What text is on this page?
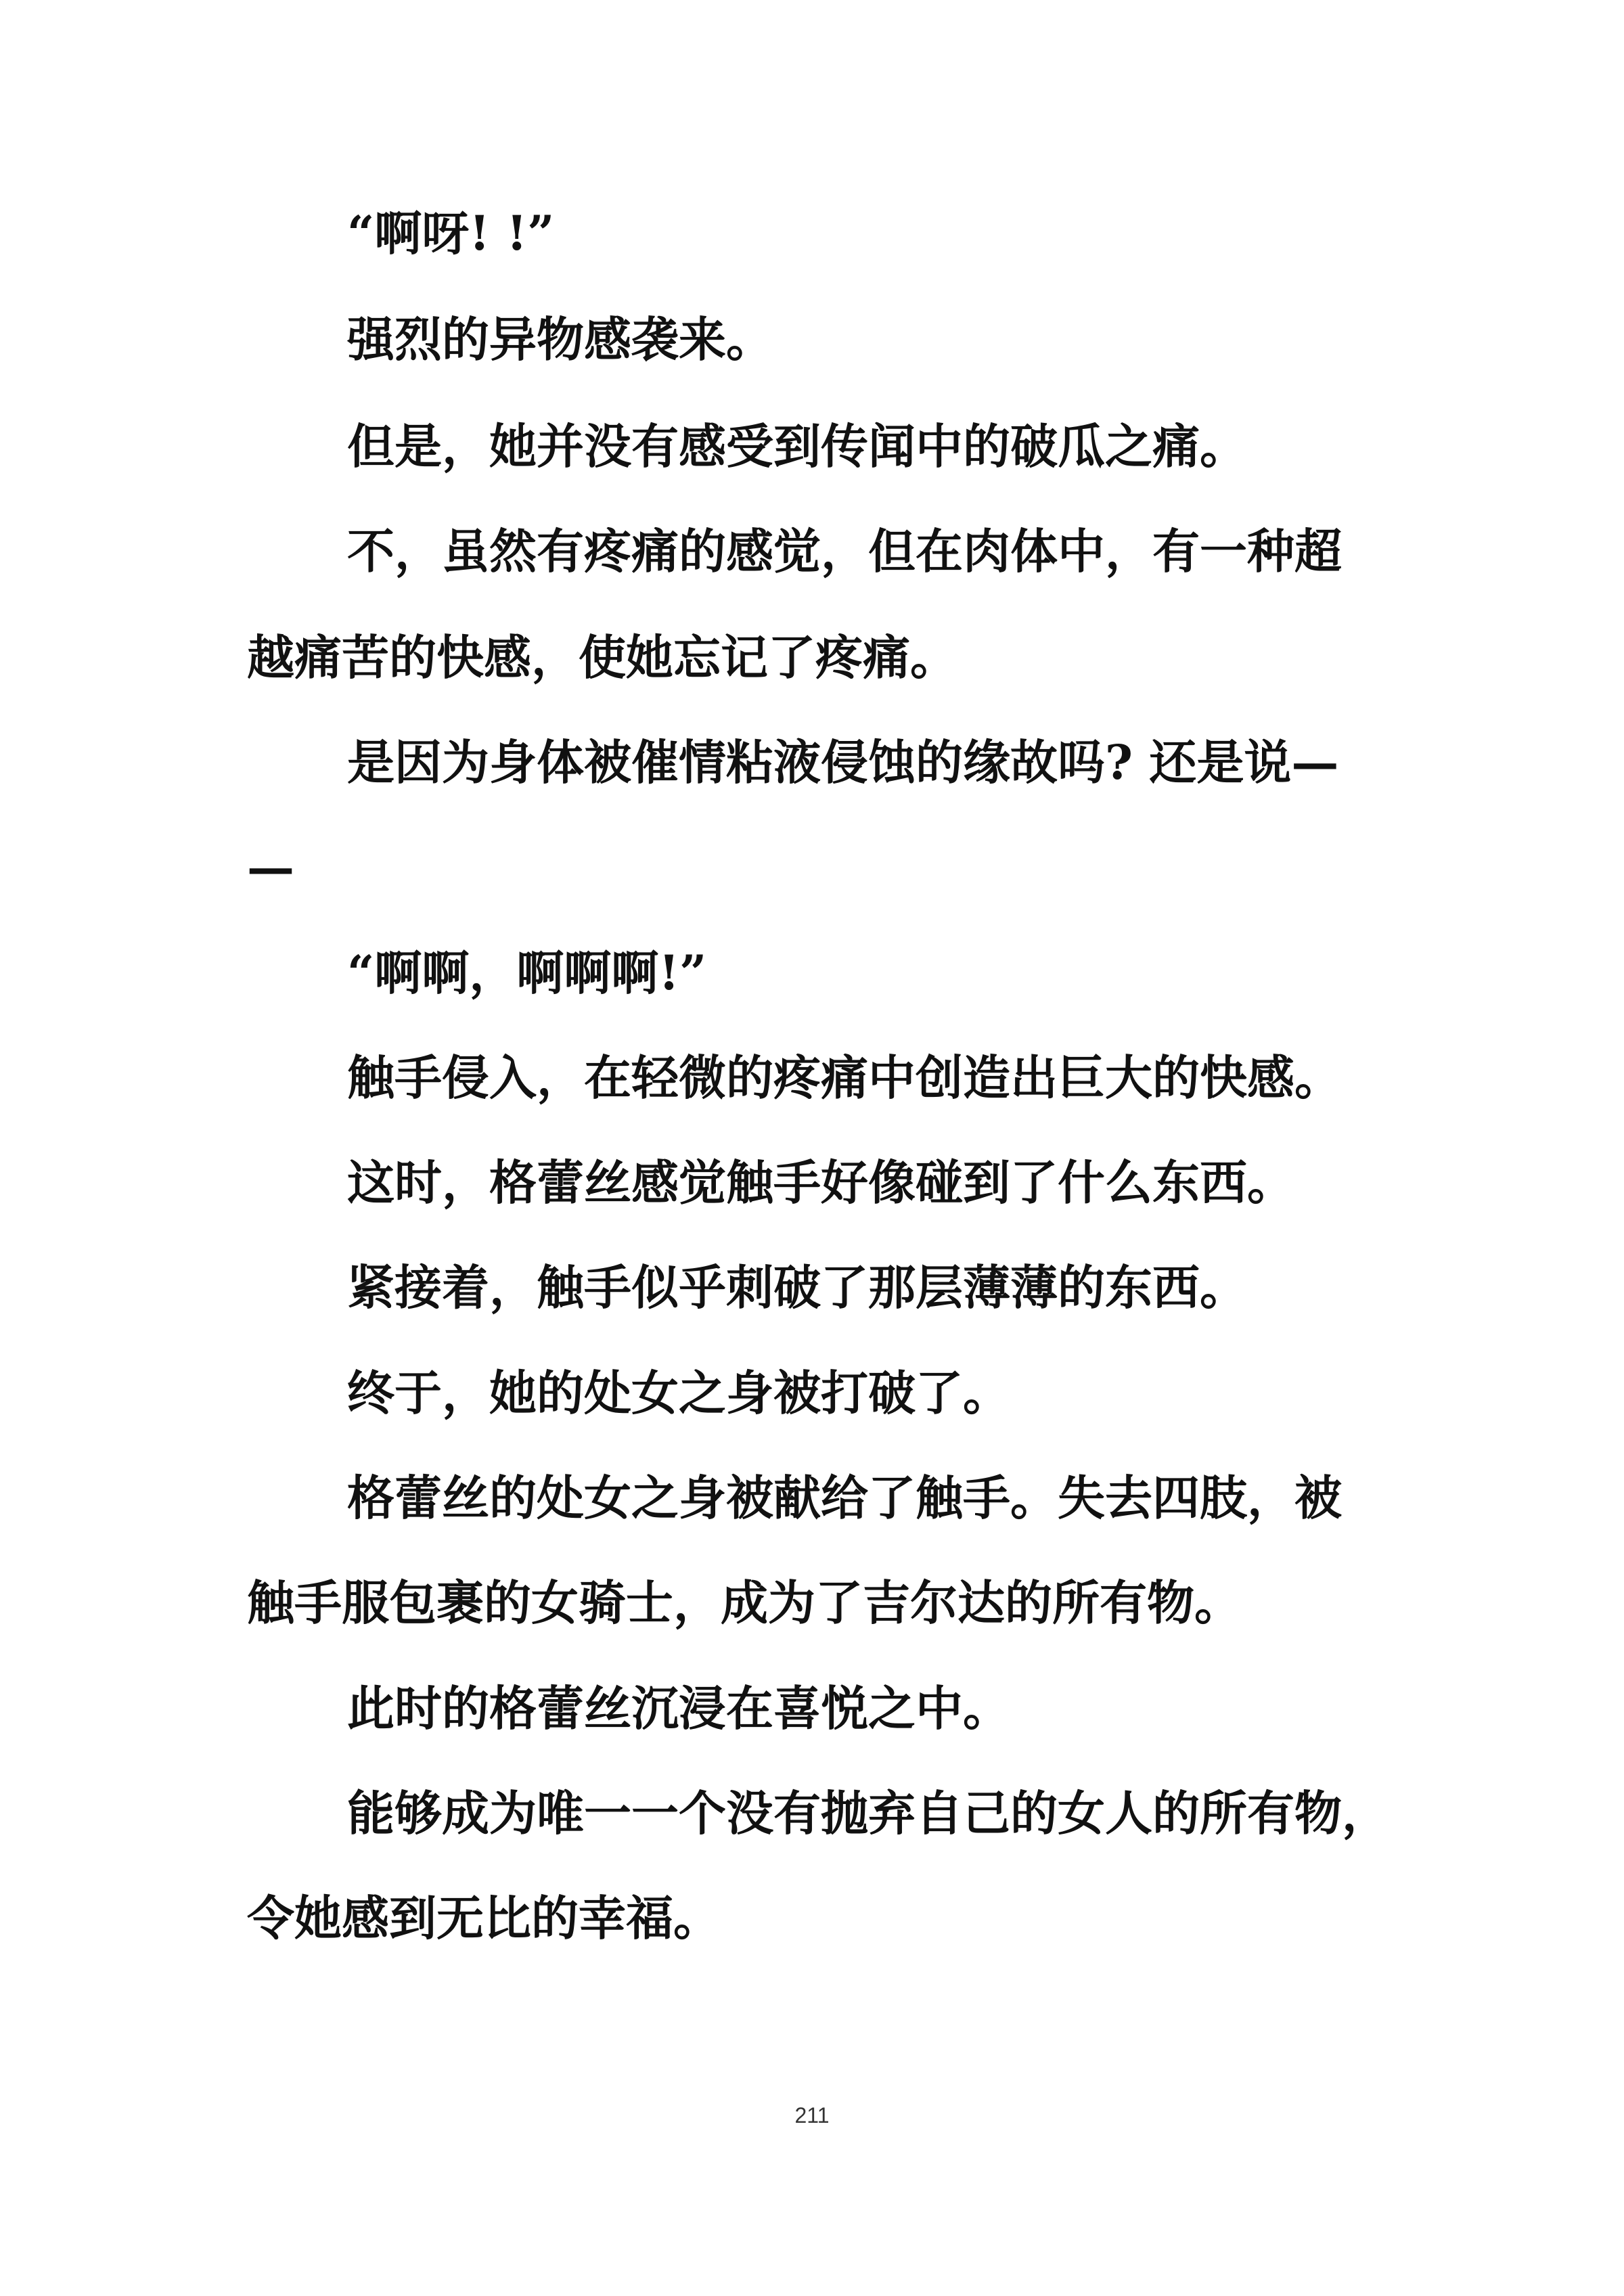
“啊呀! !”

强烈的异物感袭来。

但是，她并没有感受到传闻中的破瓜之痛。

不，虽然有疼痛的感觉，但在肉体中，有一种超

越痛苦的快感，使她忘记了疼痛。

是因为身体被催情粘液侵蚀的缘故吗? 还是说—

—

“啊啊，啊啊啊!”

触手侵入，在轻微的疼痛中创造出巨大的快感。

这时，格蕾丝感觉触手好像碰到了什么东西。

紧接着，触手似乎刺破了那层薄薄的东西。

终于，她的处女之身被打破了。

格蕾丝的处女之身被献给了触手。失去四肢，被

触手服包裹的女骑士，成为了吉尔达的所有物。

此时的格蕾丝沉浸在喜悦之中。

能够成为唯一一个没有抛弃自己的女人的所有物，

令她感到无比的幸福。

211
